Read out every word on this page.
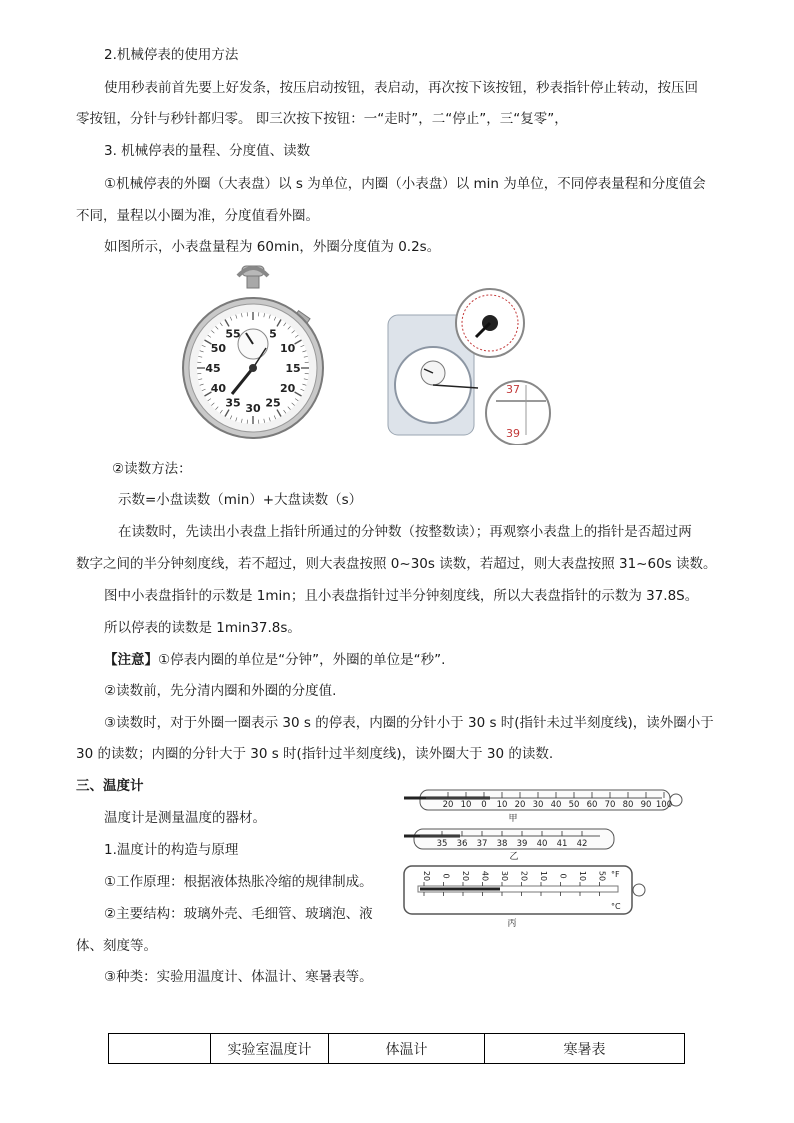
2.机械停表的使用方法
使用秒表前首先要上好发条，按压启动按钮，表启动，再次按下该按钮，秒表指针停止转动，按压回
零按钮，分针与秒针都归零。 即三次按下按钮：一“走时”，二“停止”，三“复零”，
3. 机械停表的量程、分度值、读数
①机械停表的外圈（大表盘）以 s 为单位，内圈（小表盘）以 min 为单位，不同停表量程和分度值会
不同，量程以小圈为准，分度值看外圈。
如图所示，小表盘量程为 60min，外圈分度值为 0.2s。
5
10
15
20
25
30
35
40
45
50
55
37
39
②读数方法：
示数=小盘读数（min）+大盘读数（s）
在读数时，先读出小表盘上指针所通过的分钟数（按整数读）；再观察小表盘上的指针是否超过两
数字之间的半分钟刻度线，若不超过，则大表盘按照 0~30s 读数，若超过，则大表盘按照 31~60s 读数。
图中小表盘指针的示数是 1min；且小表盘指针过半分钟刻度线，所以大表盘指针的示数为 37.8S。
所以停表的读数是 1min37.8s。
【注意】①停表内圈的单位是“分钟”，外圈的单位是“秒”.
②读数前，先分清内圈和外圈的分度值.
③读数时，对于外圈一圈表示 30 s 的停表，内圈的分针小于 30 s 时(指针未过半刻度线)，读外圈小于
30 的读数；内圈的分针大于 30 s 时(指针过半刻度线)，读外圈大于 30 的读数.
三、温度计
温度计是测量温度的器材。
1.温度计的构造与原理
①工作原理：根据液体热胀冷缩的规律制成。
②主要结构：玻璃外壳、毛细管、玻璃泡、液
体、刻度等。
③种类：实验用温度计、体温计、寒暑表等。
20 10 0 10 20 30 40 50 60 70 80 90 100
甲
35 36 37 38 39 40 41 42
乙
20 0 20 40 30 20 10 0 10 50 °F
°C
丙
	实验室温度计	体温计	寒暑表
